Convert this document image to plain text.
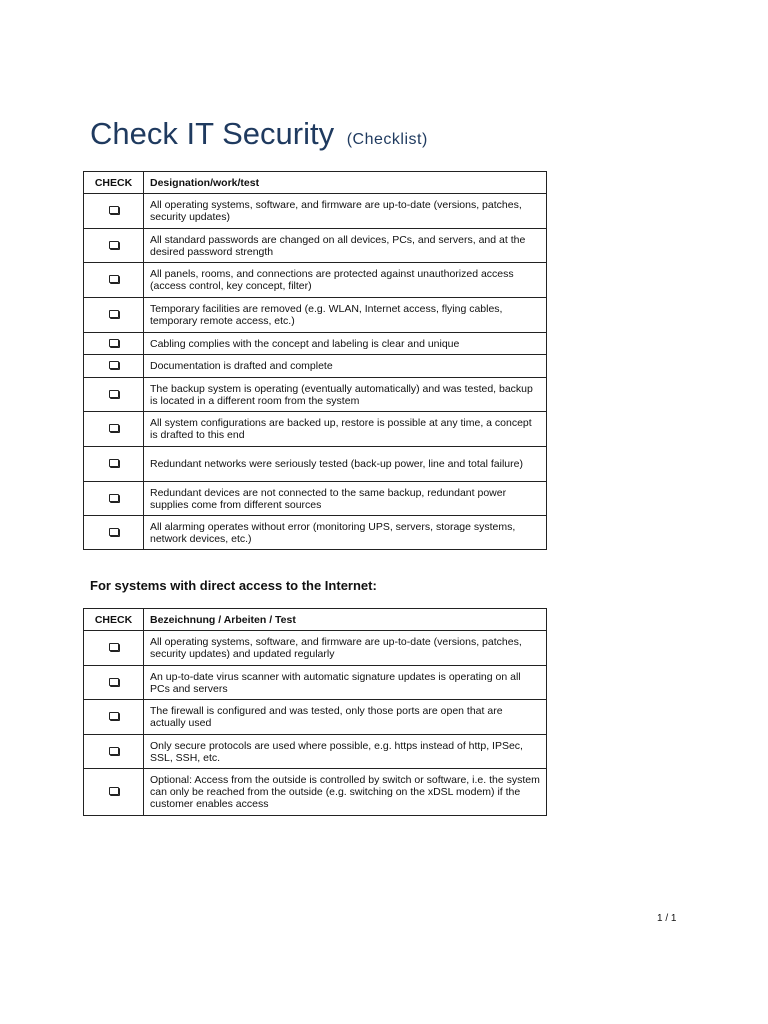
Check IT Security (Checklist)
CHECK	Designation/work/test
	All operating systems, software, and firmware are up-to-date (versions, patches, security updates)
	All standard passwords are changed on all devices, PCs, and servers, and at the desired password strength
	All panels, rooms, and connections are protected against unauthorized access (access control, key concept, filter)
	Temporary facilities are removed (e.g. WLAN, Internet access, flying cables, temporary remote access, etc.)
	Cabling complies with the concept and labeling is clear and unique
	Documentation is drafted and complete
	The backup system is operating (eventually automatically) and was tested, backup is located in a different room from the system
	All system configurations are backed up, restore is possible at any time, a concept is drafted to this end
	Redundant networks were seriously tested (back-up power, line and total failure)
	Redundant devices are not connected to the same backup, redundant power supplies come from different sources
	All alarming operates without error (monitoring UPS, servers, storage systems, network devices, etc.)
For systems with direct access to the Internet:
CHECK	Bezeichnung / Arbeiten / Test
	All operating systems, software, and firmware are up-to-date (versions, patches, security updates) and updated regularly
	An up-to-date virus scanner with automatic signature updates is operating on all PCs and servers
	The firewall is configured and was tested, only those ports are open that are actually used
	Only secure protocols are used where possible, e.g. https instead of http, IPSec, SSL, SSH, etc.
	Optional: Access from the outside is controlled by switch or software, i.e. the system can only be reached from the outside (e.g. switching on the xDSL modem) if the customer enables access
1 / 1
